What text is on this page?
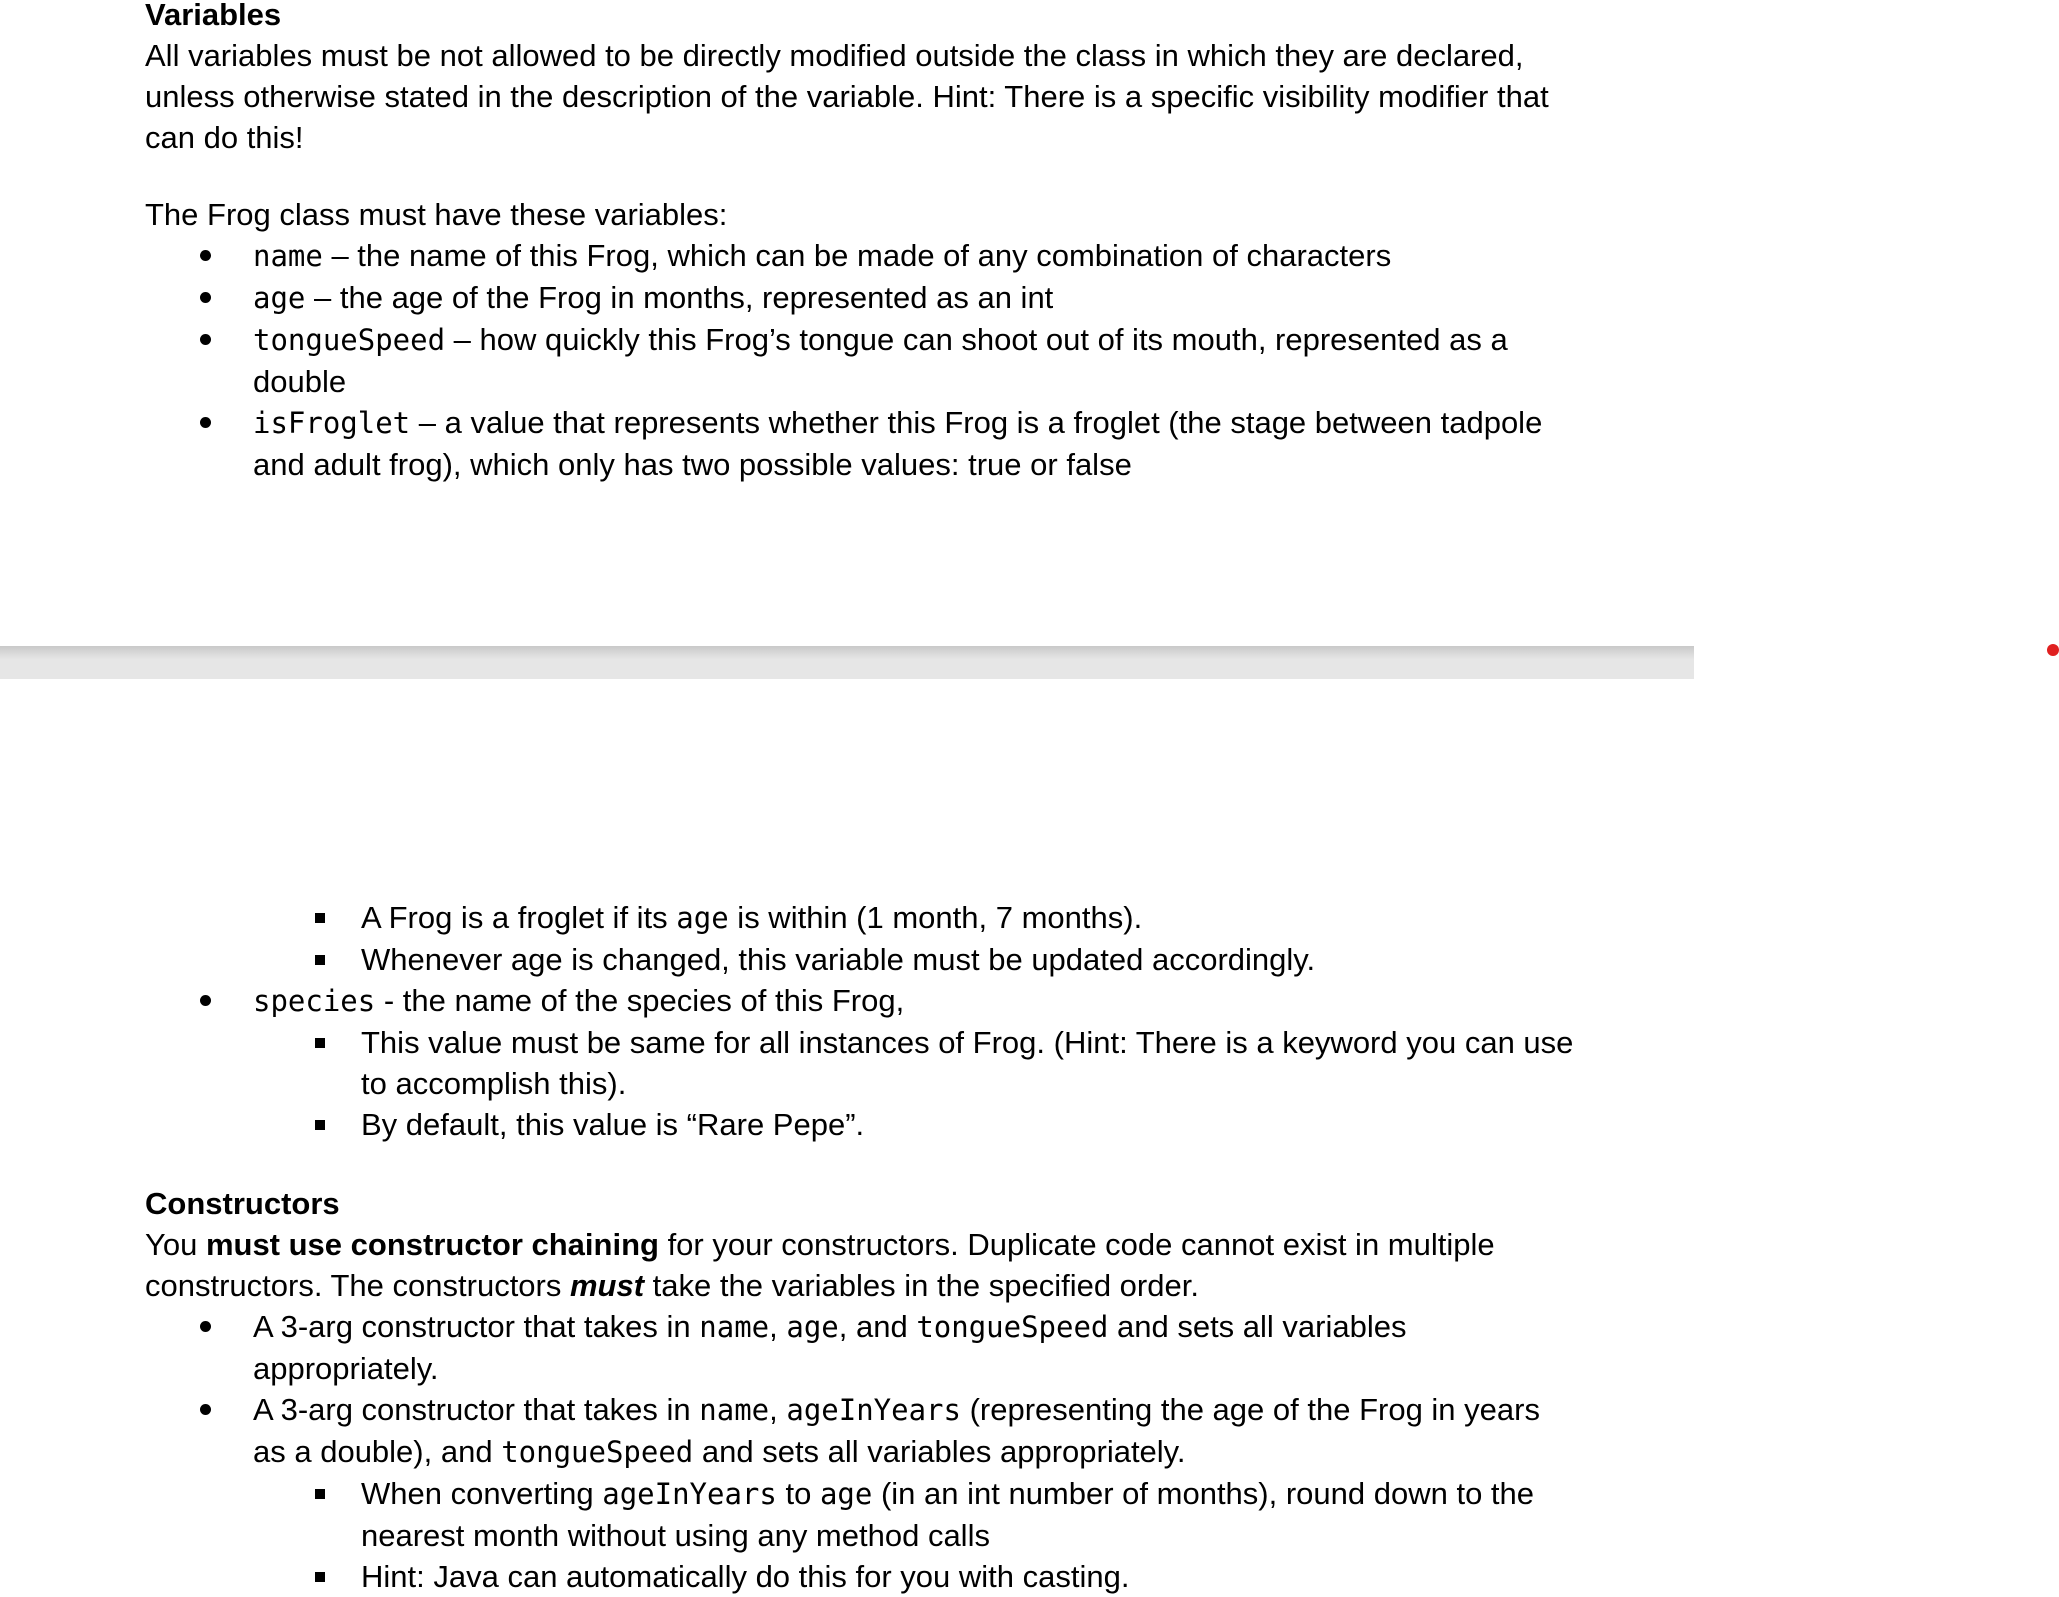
Variables
All variables must be not allowed to be directly modified outside the class in which they are declared,
unless otherwise stated in the description of the variable. Hint: There is a specific visibility modifier that
can do this!
The Frog class must have these variables:
name – the name of this Frog, which can be made of any combination of characters
age – the age of the Frog in months, represented as an int
tongueSpeed – how quickly this Frog’s tongue can shoot out of its mouth, represented as a
double
isFroglet – a value that represents whether this Frog is a froglet (the stage between tadpole
and adult frog), which only has two possible values: true or false
A Frog is a froglet if its age is within (1 month, 7 months).
Whenever age is changed, this variable must be updated accordingly.
species - the name of the species of this Frog,
This value must be same for all instances of Frog. (Hint: There is a keyword you can use
to accomplish this).
By default, this value is “Rare Pepe”.
Constructors
You must use constructor chaining for your constructors. Duplicate code cannot exist in multiple
constructors. The constructors must take the variables in the specified order.
A 3-arg constructor that takes in name, age, and tongueSpeed and sets all variables
appropriately.
A 3-arg constructor that takes in name, ageInYears (representing the age of the Frog in years
as a double), and tongueSpeed and sets all variables appropriately.
When converting ageInYears to age (in an int number of months), round down to the
nearest month without using any method calls
Hint: Java can automatically do this for you with casting.
